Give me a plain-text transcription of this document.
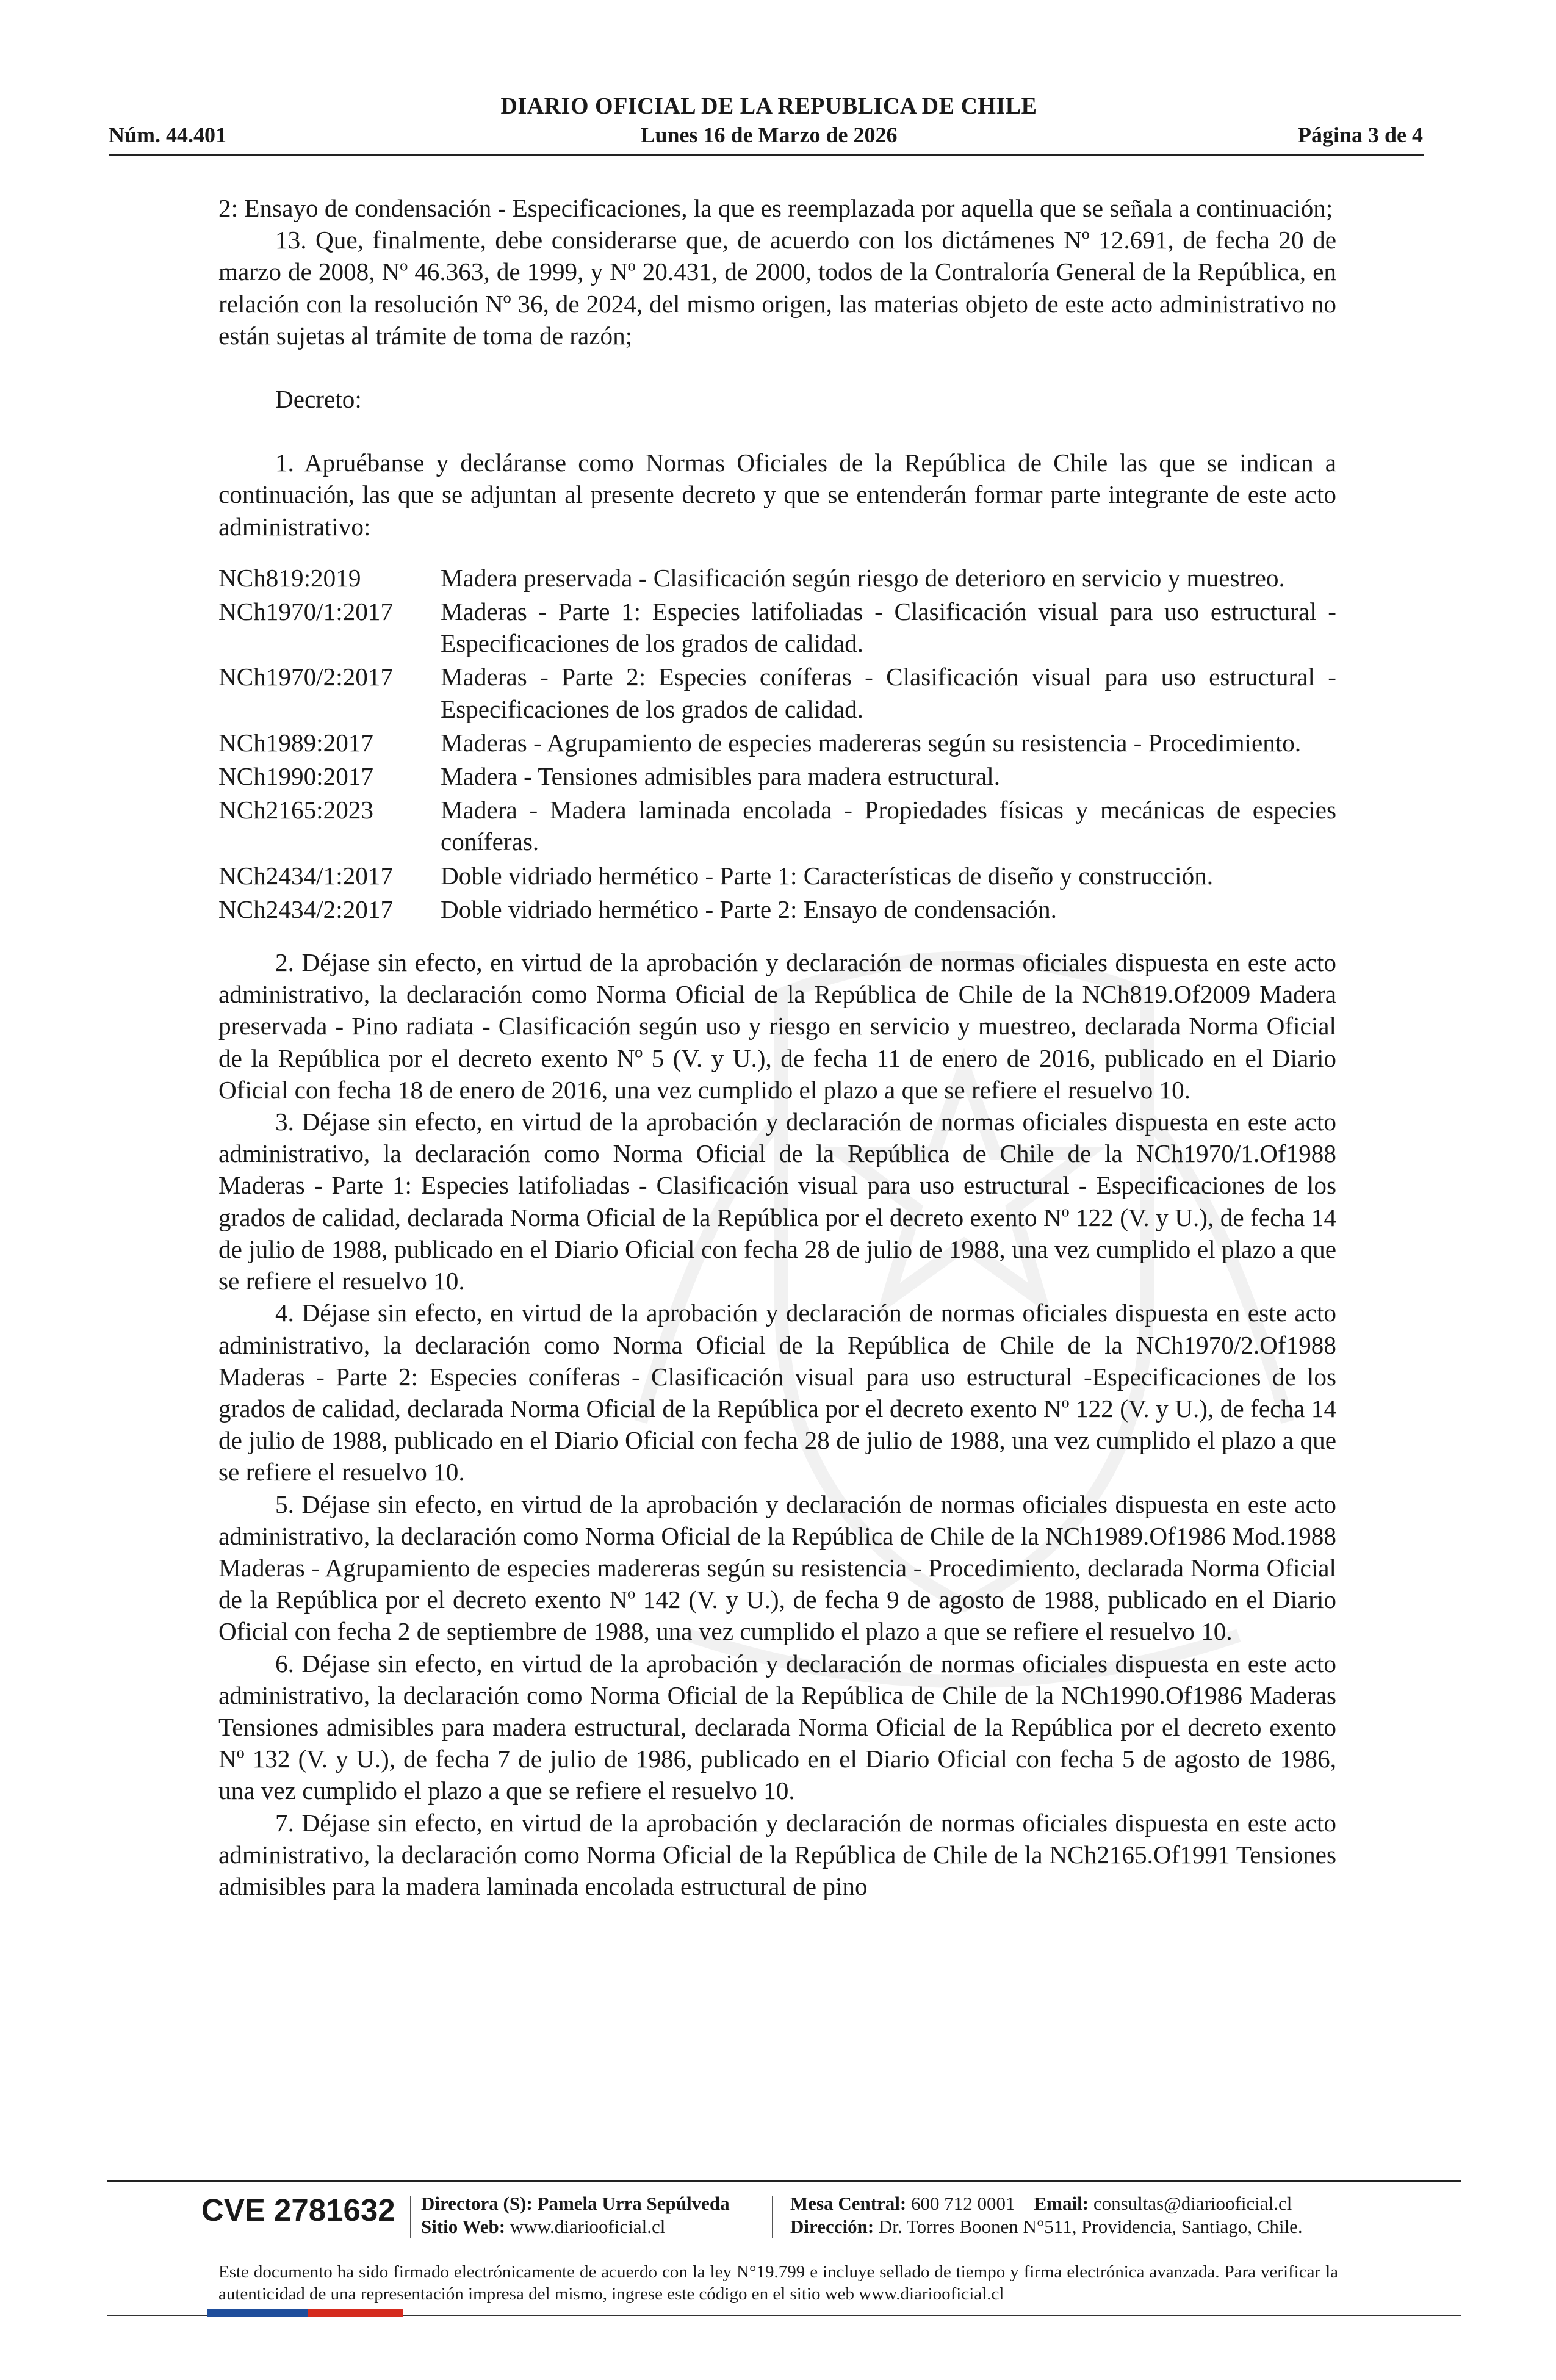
DIARIO OFICIAL DE LA REPUBLICA DE CHILE
Núm. 44.401	Lunes 16 de Marzo de 2026	Página 3 de 4

2: Ensayo de condensación - Especificaciones, la que es reemplazada por aquella que se señala a continuación;

13. Que, finalmente, debe considerarse que, de acuerdo con los dictámenes Nº 12.691, de fecha 20 de marzo de 2008, Nº 46.363, de 1999, y Nº 20.431, de 2000, todos de la Contraloría General de la República, en relación con la resolución Nº 36, de 2024, del mismo origen, las materias objeto de este acto administrativo no están sujetas al trámite de toma de razón;

Decreto:

1. Apruébanse y decláranse como Normas Oficiales de la República de Chile las que se indican a continuación, las que se adjuntan al presente decreto y que se entenderán formar parte integrante de este acto administrativo:

NCh819:2019	Madera preservada - Clasificación según riesgo de deterioro en servicio y muestreo.
NCh1970/1:2017	Maderas - Parte 1: Especies latifoliadas - Clasificación visual para uso estructural - Especificaciones de los grados de calidad.
NCh1970/2:2017	Maderas - Parte 2: Especies coníferas - Clasificación visual para uso estructural - Especificaciones de los grados de calidad.
NCh1989:2017	Maderas - Agrupamiento de especies madereras según su resistencia - Procedimiento.
NCh1990:2017	Madera - Tensiones admisibles para madera estructural.
NCh2165:2023	Madera - Madera laminada encolada - Propiedades físicas y mecánicas de especies coníferas.
NCh2434/1:2017	Doble vidriado hermético - Parte 1: Características de diseño y construcción.
NCh2434/2:2017	Doble vidriado hermético - Parte 2: Ensayo de condensación.

2. Déjase sin efecto, en virtud de la aprobación y declaración de normas oficiales dispuesta en este acto administrativo, la declaración como Norma Oficial de la República de Chile de la NCh819.Of2009 Madera preservada - Pino radiata - Clasificación según uso y riesgo en servicio y muestreo, declarada Norma Oficial de la República por el decreto exento Nº 5 (V. y U.), de fecha 11 de enero de 2016, publicado en el Diario Oficial con fecha 18 de enero de 2016, una vez cumplido el plazo a que se refiere el resuelvo 10.

3. Déjase sin efecto, en virtud de la aprobación y declaración de normas oficiales dispuesta en este acto administrativo, la declaración como Norma Oficial de la República de Chile de la NCh1970/1.Of1988 Maderas - Parte 1: Especies latifoliadas - Clasificación visual para uso estructural - Especificaciones de los grados de calidad, declarada Norma Oficial de la República por el decreto exento Nº 122 (V. y U.), de fecha 14 de julio de 1988, publicado en el Diario Oficial con fecha 28 de julio de 1988, una vez cumplido el plazo a que se refiere el resuelvo 10.

4. Déjase sin efecto, en virtud de la aprobación y declaración de normas oficiales dispuesta en este acto administrativo, la declaración como Norma Oficial de la República de Chile de la NCh1970/2.Of1988 Maderas - Parte 2: Especies coníferas - Clasificación visual para uso estructural -Especificaciones de los grados de calidad, declarada Norma Oficial de la República por el decreto exento Nº 122 (V. y U.), de fecha 14 de julio de 1988, publicado en el Diario Oficial con fecha 28 de julio de 1988, una vez cumplido el plazo a que se refiere el resuelvo 10.

5. Déjase sin efecto, en virtud de la aprobación y declaración de normas oficiales dispuesta en este acto administrativo, la declaración como Norma Oficial de la República de Chile de la NCh1989.Of1986 Mod.1988 Maderas - Agrupamiento de especies madereras según su resistencia - Procedimiento, declarada Norma Oficial de la República por el decreto exento Nº 142 (V. y U.), de fecha 9 de agosto de 1988, publicado en el Diario Oficial con fecha 2 de septiembre de 1988, una vez cumplido el plazo a que se refiere el resuelvo 10.

6. Déjase sin efecto, en virtud de la aprobación y declaración de normas oficiales dispuesta en este acto administrativo, la declaración como Norma Oficial de la República de Chile de la NCh1990.Of1986 Maderas Tensiones admisibles para madera estructural, declarada Norma Oficial de la República por el decreto exento Nº 132 (V. y U.), de fecha 7 de julio de 1986, publicado en el Diario Oficial con fecha 5 de agosto de 1986, una vez cumplido el plazo a que se refiere el resuelvo 10.

7. Déjase sin efecto, en virtud de la aprobación y declaración de normas oficiales dispuesta en este acto administrativo, la declaración como Norma Oficial de la República de Chile de la NCh2165.Of1991 Tensiones admisibles para la madera laminada encolada estructural de pino

CVE 2781632 Directora (S): Pamela Urra Sepúlveda
Sitio Web: www.diariooficial.cl
Mesa Central: 600 712 0001 Email: consultas@diariooficial.cl
Dirección: Dr. Torres Boonen N°511, Providencia, Santiago, Chile.
Este documento ha sido firmado electrónicamente de acuerdo con la ley N°19.799 e incluye sellado de tiempo y firma electrónica avanzada. Para verificar la autenticidad de una representación impresa del mismo, ingrese este código en el sitio web www.diariooficial.cl
